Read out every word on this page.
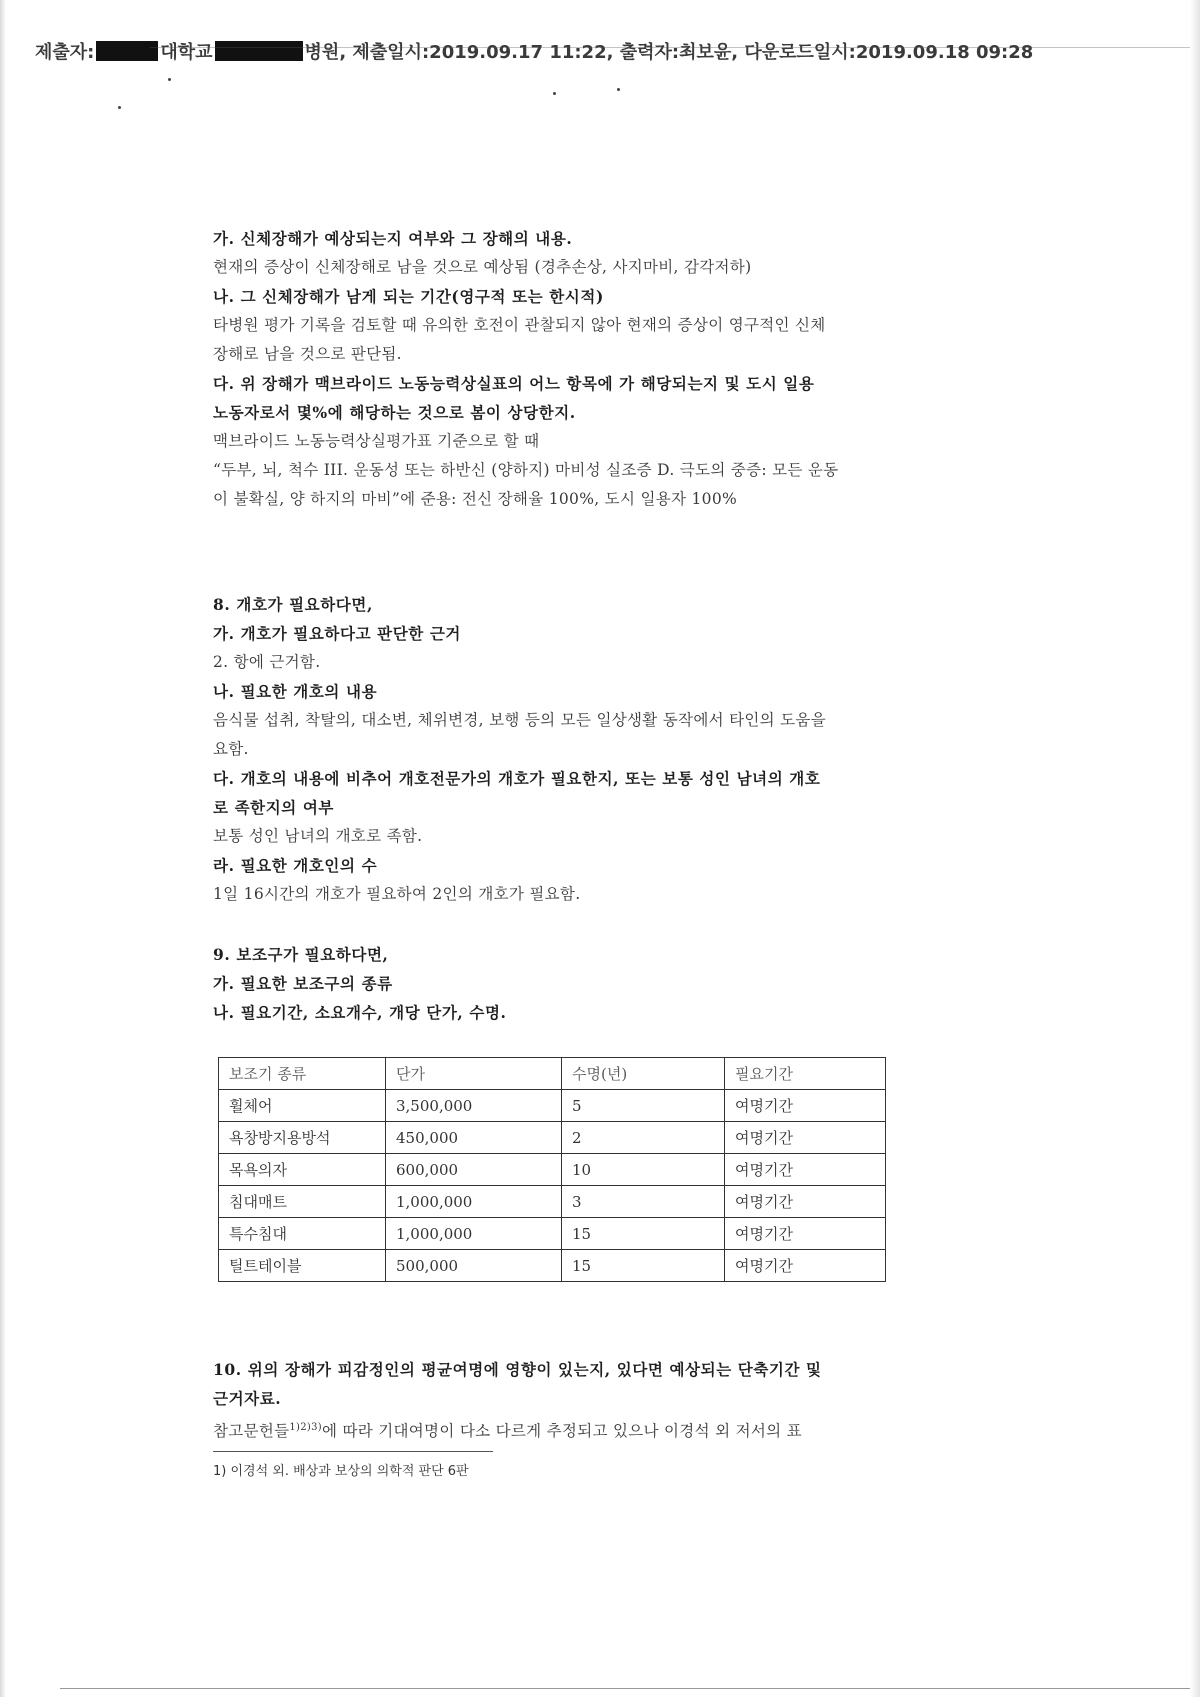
제출자:	대학교	병원, 제출일시:2019.09.17 11:22, 출력자:최보윤, 다운로드일시:2019.09.18 09:28
가. 신체장해가 예상되는지 여부와 그 장해의 내용.
현재의 증상이 신체장해로 남을 것으로 예상됨 (경추손상, 사지마비, 감각저하)
나. 그 신체장해가 남게 되는 기간(영구적 또는 한시적)
타병원 평가 기록을 검토할 때 유의한 호전이 관찰되지 않아 현재의 증상이 영구적인 신체
장해로 남을 것으로 판단됨.
다. 위 장해가 맥브라이드 노동능력상실표의 어느 항목에 가 해당되는지 및 도시 일용
노동자로서 몇%에 해당하는 것으로 봄이 상당한지.
맥브라이드 노동능력상실평가표 기준으로 할 때
“두부, 뇌, 척수 III. 운동성 또는 하반신 (양하지) 마비성 실조증 D. 극도의 중증: 모든 운동
이 불확실, 양 하지의 마비”에 준용: 전신 장해율 100%, 도시 일용자 100%
8. 개호가 필요하다면,
가. 개호가 필요하다고 판단한 근거
2. 항에 근거함.
나. 필요한 개호의 내용
음식물 섭취, 착탈의, 대소변, 체위변경, 보행 등의 모든 일상생활 동작에서 타인의 도움을
요함.
다. 개호의 내용에 비추어 개호전문가의 개호가 필요한지, 또는 보통 성인 남녀의 개호
로 족한지의 여부
보통 성인 남녀의 개호로 족함.
라. 필요한 개호인의 수
1일 16시간의 개호가 필요하여 2인의 개호가 필요함.
9. 보조구가 필요하다면,
가. 필요한 보조구의 종류
나. 필요기간, 소요개수, 개당 단가, 수명.
보조기 종류	단가	수명(년)	필요기간
휠체어	3,500,000	5	여명기간
욕창방지용방석	450,000	2	여명기간
목욕의자	600,000	10	여명기간
침대매트	1,000,000	3	여명기간
특수침대	1,000,000	15	여명기간
틸트테이블	500,000	15	여명기간
10. 위의 장해가 피감정인의 평균여명에 영향이 있는지, 있다면 예상되는 단축기간 및
근거자료.
참고문헌들$^{1)2)3)}$에 따라 기대여명이 다소 다르게 추정되고 있으나 이경석 외 저서의 표
1) 이경석 외. 배상과 보상의 의학적 판단 6판
